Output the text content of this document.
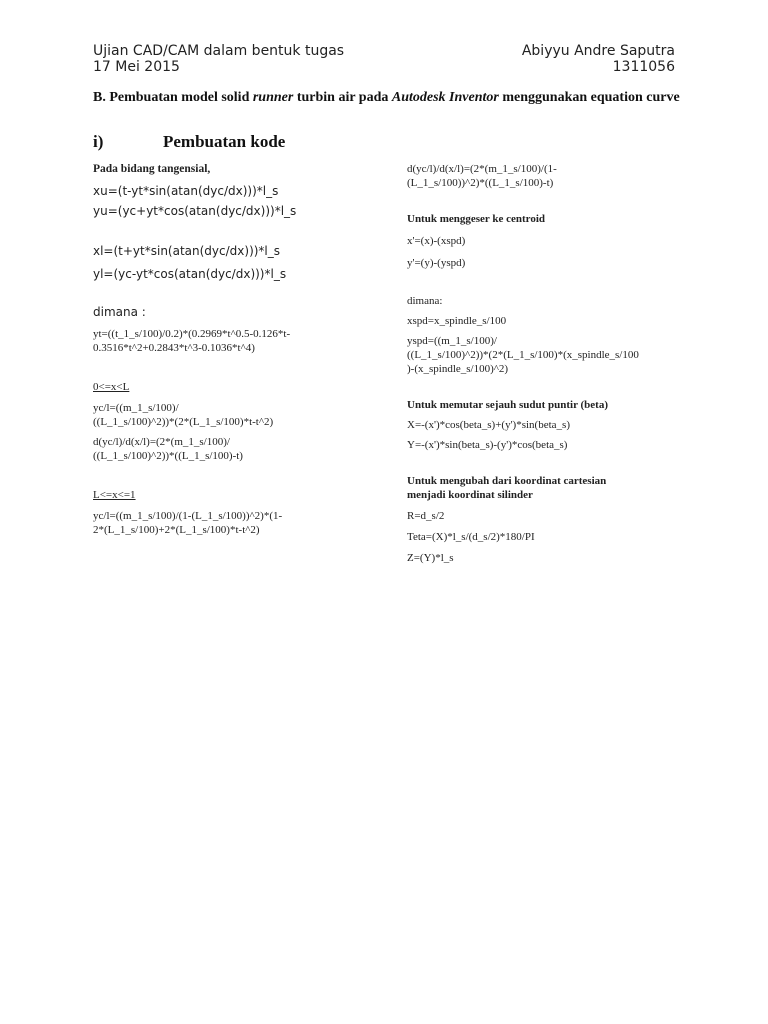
Ujian CAD/CAM dalam bentuk tugas
17 Mei 2015
Abiyyu Andre Saputra
1311056
B. Pembuatan model solid runner turbin air pada Autodesk Inventor menggunakan equation curve
i)	Pembuatan kode

Pada bidang tangensial,

xu=(t-yt*sin(atan(dyc/dx)))*l_s

yu=(yc+yt*cos(atan(dyc/dx)))*l_s

xl=(t+yt*sin(atan(dyc/dx)))*l_s

yl=(yc-yt*cos(atan(dyc/dx)))*l_s

dimana :

yt=((t_1_s/100)/0.2)*(0.2969*t^0.5-0.126*t-

0.3516*t^2+0.2843*t^3-0.1036*t^4)

0<=x<L

yc/l=((m_1_s/100)/

((L_1_s/100)^2))*(2*(L_1_s/100)*t-t^2)

d(yc/l)/d(x/l)=(2*(m_1_s/100)/

((L_1_s/100)^2))*((L_1_s/100)-t)

L<=x<=1

yc/l=((m_1_s/100)/(1-(L_1_s/100))^2)*(1-

2*(L_1_s/100)+2*(L_1_s/100)*t-t^2)

d(yc/l)/d(x/l)=(2*(m_1_s/100)/(1-

(L_1_s/100))^2)*((L_1_s/100)-t)

Untuk menggeser ke centroid

x'=(x)-(xspd)

y'=(y)-(yspd)

dimana:

xspd=x_spindle_s/100

yspd=((m_1_s/100)/

((L_1_s/100)^2))*(2*(L_1_s/100)*(x_spindle_s/100

)-(x_spindle_s/100)^2)

Untuk memutar sejauh sudut puntir (beta)

X=-(x')*cos(beta_s)+(y')*sin(beta_s)

Y=-(x')*sin(beta_s)-(y')*cos(beta_s)

Untuk mengubah dari koordinat cartesian

menjadi koordinat silinder

R=d_s/2

Teta=(X)*l_s/(d_s/2)*180/PI

Z=(Y)*l_s
